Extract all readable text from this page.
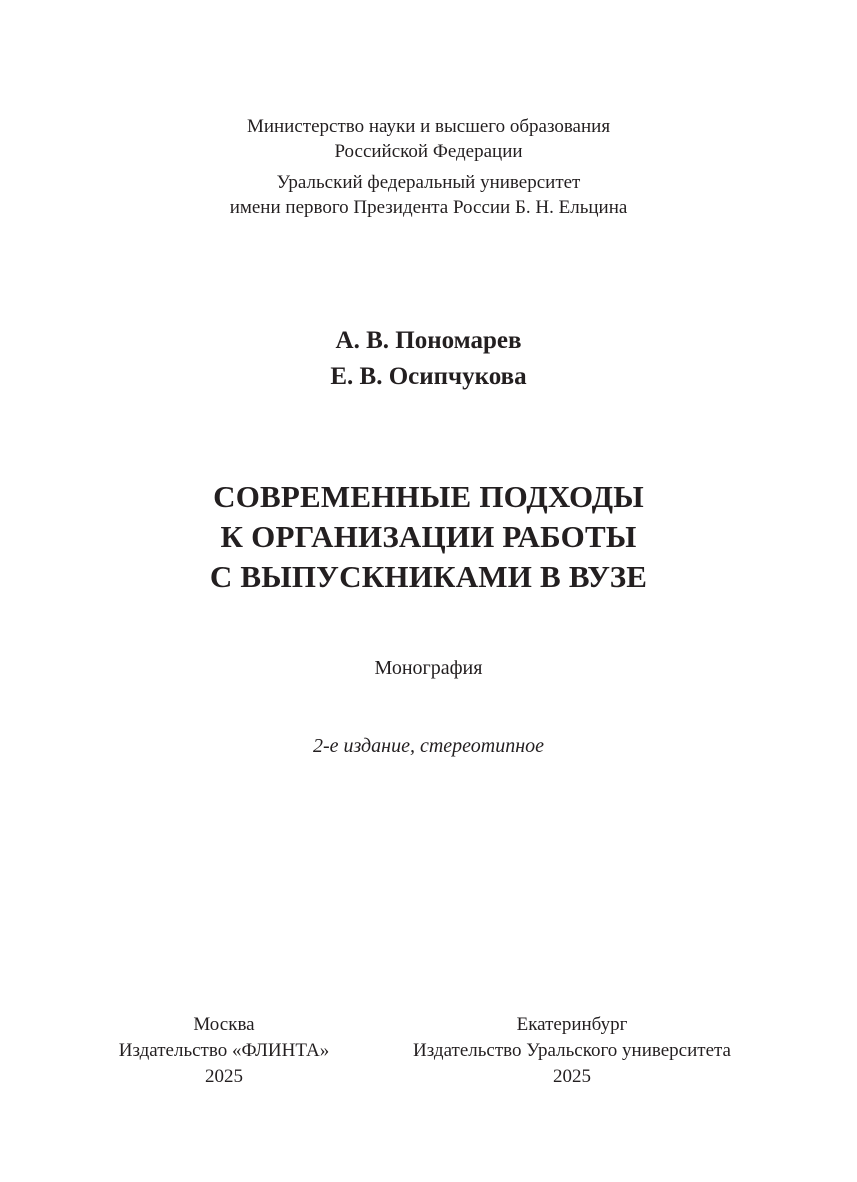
Министерство науки и высшего образования
Российской Федерации
Уральский федеральный университет
имени первого Президента России Б. Н. Ельцина
А. В. Пономарев
Е. В. Осипчукова
СОВРЕМЕННЫЕ ПОДХОДЫ
К ОРГАНИЗАЦИИ РАБОТЫ
С ВЫПУСКНИКАМИ В ВУЗЕ
Монография
2-е издание, стереотипное
Москва
Издательство «ФЛИНТА»
2025
Екатеринбург
Издательство Уральского университета
2025
